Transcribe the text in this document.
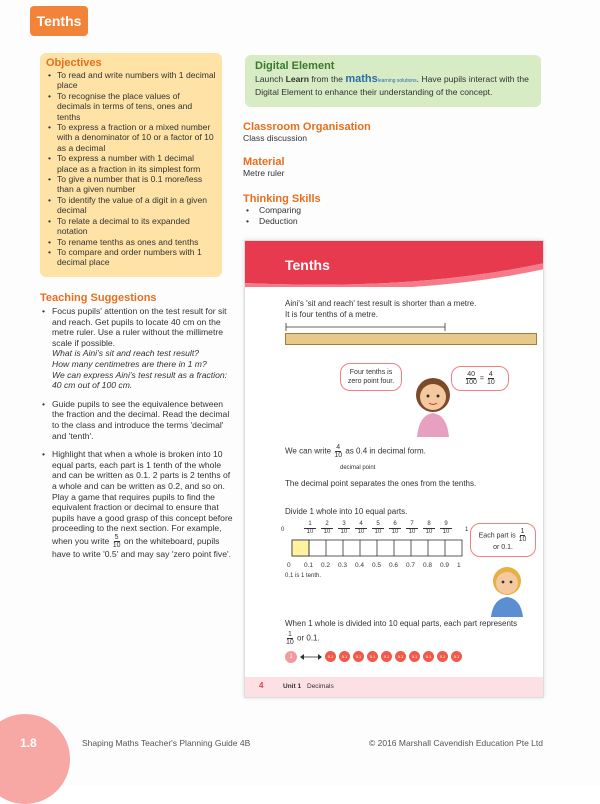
Tenths
Objectives
• To read and write numbers with 1 decimal place
• To recognise the place values of decimals in terms of tens, ones and tenths
• To express a fraction or a mixed number with a denominator of 10 or a factor of 10 as a decimal
• To express a number with 1 decimal place as a fraction in its simplest form
• To give a number that is 0.1 more/less than a given number
• To identify the value of a digit in a given decimal
• To relate a decimal to its expanded notation
• To rename tenths as ones and tenths
• To compare and order numbers with 1 decimal place
Teaching Suggestions
• Focus pupils' attention on the test result for sit and reach. Get pupils to locate 40 cm on the metre ruler. Use a ruler without the millimetre scale if possible.
What is Aini's sit and reach test result?
How many centimetres are there in 1 m?
We can express Aini's test result as a fraction: 40 cm out of 100 cm.
• Guide pupils to see the equivalence between the fraction and the decimal. Read the decimal to the class and introduce the terms 'decimal' and 'tenth'.
• Highlight that when a whole is broken into 10 equal parts, each part is 1 tenth of the whole and can be written as 0.1. 2 parts is 2 tenths of a whole and can be written as 0.2, and so on. Play a game that requires pupils to find the equivalent fraction or decimal to ensure that pupils have a good grasp of this concept before proceeding to the next section. For example, when you write $\frac{5}{10}$ on the whiteboard, pupils have to write '0.5' and may say 'zero point five'.
Digital Element

Launch Learn from the mathslearning solutions. Have pupils interact with the Digital Element to enhance their understanding of the concept.

Classroom Organisation

Class discussion

Material

Metre ruler

Thinking Skills
• Comparing
• Deduction
Tenths
Aini's 'sit and reach' test result is shorter than a metre.
It is four tenths of a metre.
Four tenths is zero point four.	$\frac{40}{100} = \frac{4}{10}$
We can write $\frac{4}{10}$ as 0.4 in decimal form.
decimal point
The decimal point separates the ones from the tenths.
Divide 1 whole into 10 equal parts.
0.1 is 1 tenth.
Each part is $\frac{1}{10}$
or 0.1.
When 1 whole is divided into 10 equal parts, each part represents
$\frac{1}{10}$ or 0.1.
1
4	Unit 1 Decimals
0
1
10
2
10
3
10
4
10
5
10
6
10
7
10
8
10
9
10	1
0 0.1 0.2 0.3 0.4 0.5 0.6 0.7 0.8 0.9 1
0.1	0.1	0.1	0.1	0.1	0.1	0.1	0.1	0.1	0.1
1.8	Shaping Maths Teacher's Planning Guide 4B	© 2016 Marshall Cavendish Education Pte Ltd
